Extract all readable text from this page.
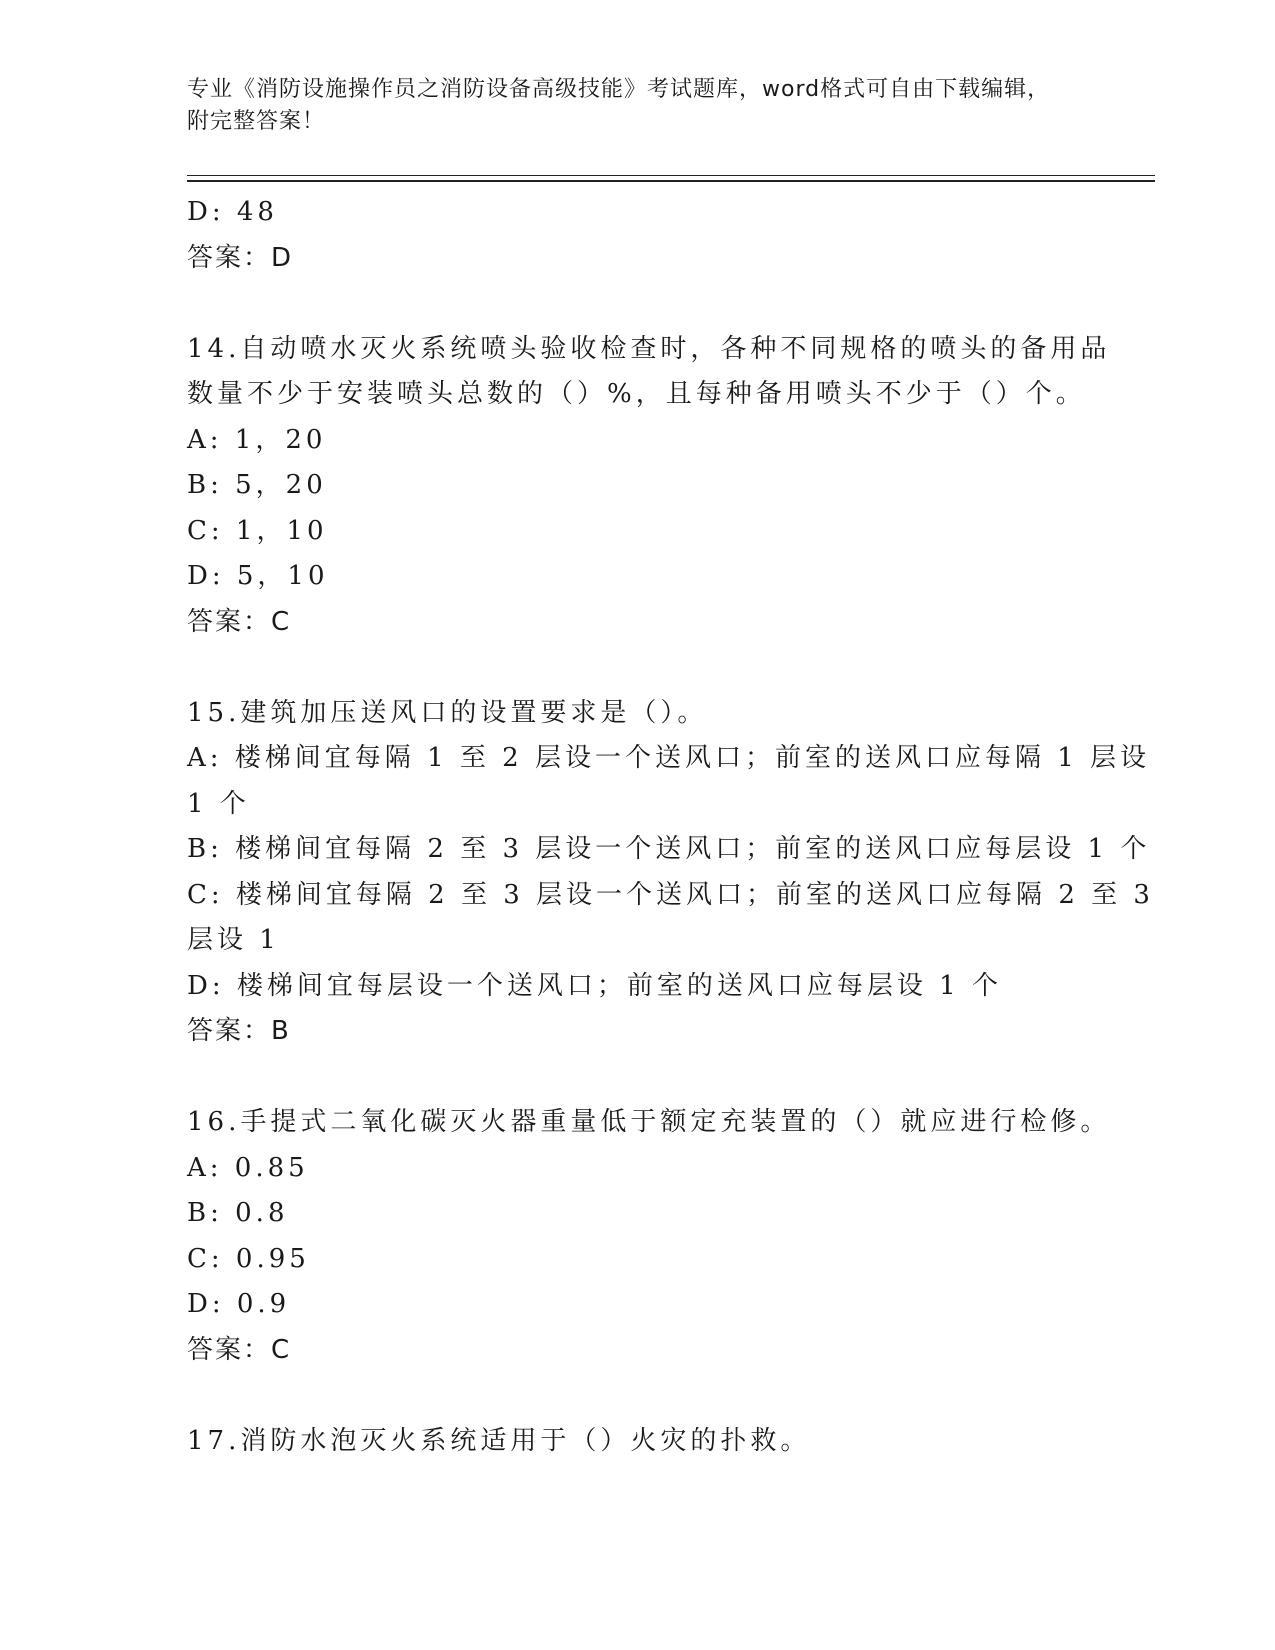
专业《消防设施操作员之消防设备高级技能》考试题库，word格式可自由下载编辑，附完整答案！
D: 48
答案：D
14.自动喷水灭火系统喷头验收检查时，各种不同规格的喷头的备用品
数量不少于安装喷头总数的（）%，且每种备用喷头不少于（）个。
A: 1，20
B: 5，20
C: 1，10
D: 5，10
答案：C
15.建筑加压送风口的设置要求是（）。
A: 楼梯间宜每隔 1 至 2 层设一个送风口；前室的送风口应每隔 1 层设
1 个
B: 楼梯间宜每隔 2 至 3 层设一个送风口；前室的送风口应每层设 1 个
C: 楼梯间宜每隔 2 至 3 层设一个送风口；前室的送风口应每隔 2 至 3
层设 1
D: 楼梯间宜每层设一个送风口；前室的送风口应每层设 1 个
答案：B
16.手提式二氧化碳灭火器重量低于额定充装置的（）就应进行检修。
A: 0.85
B: 0.8
C: 0.95
D: 0.9
答案：C
17.消防水泡灭火系统适用于（）火灾的扑救。
